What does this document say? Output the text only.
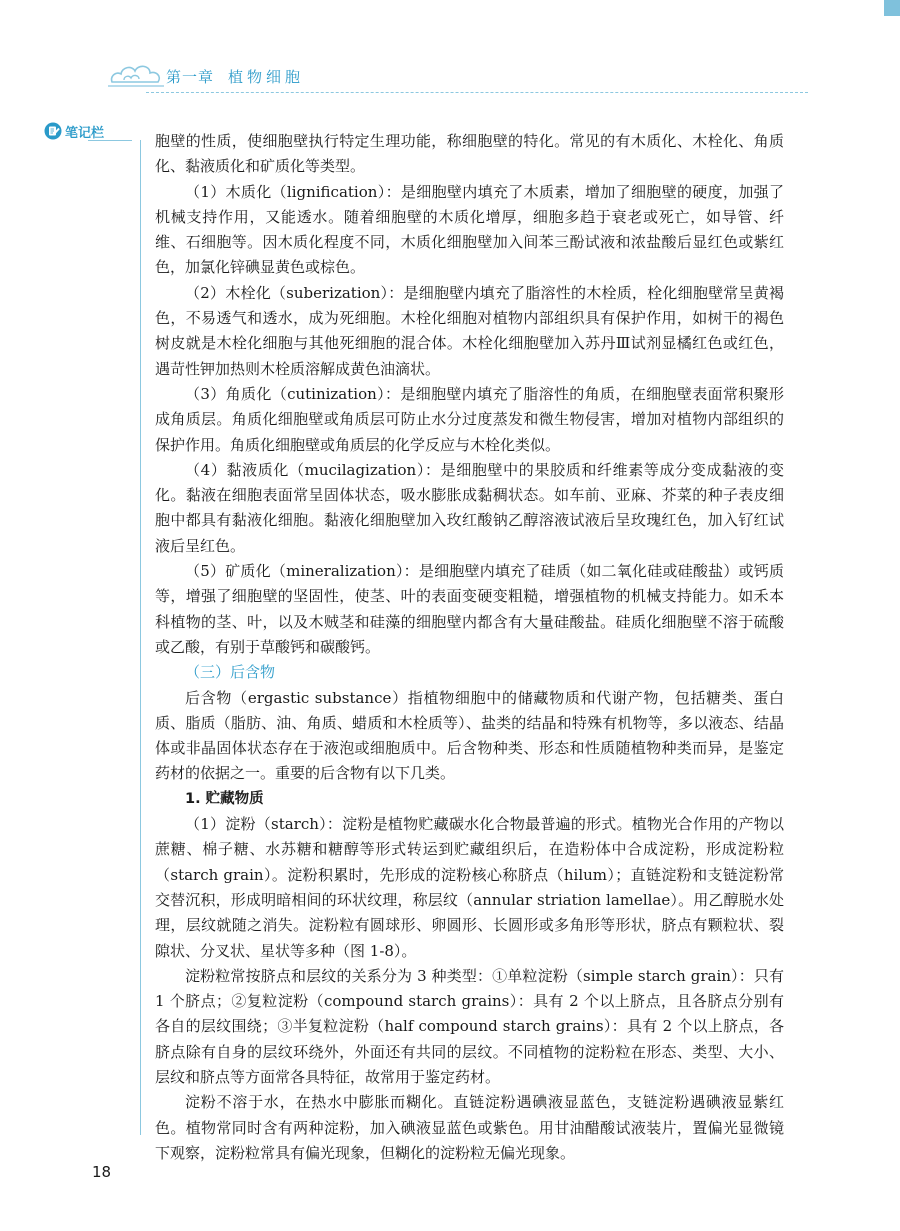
第一章 植物细胞
笔记栏	胞壁的性质，使细胞壁执行特定生理功能，称细胞壁的特化。常见的有木质化、木栓化、角质化、黏液质化和矿质化等类型。

（1）木质化（lignification）：是细胞壁内填充了木质素，增加了细胞壁的硬度，加强了机械支持作用，又能透水。随着细胞壁的木质化增厚，细胞多趋于衰老或死亡，如导管、纤维、石细胞等。因木质化程度不同，木质化细胞壁加入间苯三酚试液和浓盐酸后显红色或紫红色，加氯化锌碘显黄色或棕色。

（2）木栓化（suberization）：是细胞壁内填充了脂溶性的木栓质，栓化细胞壁常呈黄褐色，不易透气和透水，成为死细胞。木栓化细胞对植物内部组织具有保护作用，如树干的褐色树皮就是木栓化细胞与其他死细胞的混合体。木栓化细胞壁加入苏丹Ⅲ试剂显橘红色或红色，遇苛性钾加热则木栓质溶解成黄色油滴状。

（3）角质化（cutinization）：是细胞壁内填充了脂溶性的角质，在细胞壁表面常积聚形成角质层。角质化细胞壁或角质层可防止水分过度蒸发和微生物侵害，增加对植物内部组织的保护作用。角质化细胞壁或角质层的化学反应与木栓化类似。

（4）黏液质化（mucilagization）：是细胞壁中的果胶质和纤维素等成分变成黏液的变化。黏液在细胞表面常呈固体状态，吸水膨胀成黏稠状态。如车前、亚麻、芥菜的种子表皮细胞中都具有黏液化细胞。黏液化细胞壁加入玫红酸钠乙醇溶液试液后呈玫瑰红色，加入钌红试液后呈红色。

（5）矿质化（mineralization）：是细胞壁内填充了硅质（如二氧化硅或硅酸盐）或钙质等，增强了细胞壁的坚固性，使茎、叶的表面变硬变粗糙，增强植物的机械支持能力。如禾本科植物的茎、叶，以及木贼茎和硅藻的细胞壁内都含有大量硅酸盐。硅质化细胞壁不溶于硫酸或乙酸，有别于草酸钙和碳酸钙。

（三）后含物

后含物（ergastic substance）指植物细胞中的储藏物质和代谢产物，包括糖类、蛋白质、脂质（脂肪、油、角质、蜡质和木栓质等）、盐类的结晶和特殊有机物等，多以液态、结晶体或非晶固体状态存在于液泡或细胞质中。后含物种类、形态和性质随植物种类而异，是鉴定药材的依据之一。重要的后含物有以下几类。

1. 贮藏物质

（1）淀粉（starch）：淀粉是植物贮藏碳水化合物最普遍的形式。植物光合作用的产物以蔗糖、棉子糖、水苏糖和糖醇等形式转运到贮藏组织后，在造粉体中合成淀粉，形成淀粉粒（starch grain）。淀粉积累时，先形成的淀粉核心称脐点（hilum）；直链淀粉和支链淀粉常交替沉积，形成明暗相间的环状纹理，称层纹（annular striation lamellae）。用乙醇脱水处理，层纹就随之消失。淀粉粒有圆球形、卵圆形、长圆形或多角形等形状，脐点有颗粒状、裂隙状、分叉状、星状等多种（图 1-8）。

淀粉粒常按脐点和层纹的关系分为 3 种类型：①单粒淀粉（simple starch grain）：只有 1 个脐点；②复粒淀粉（compound starch grains）：具有 2 个以上脐点，且各脐点分别有各自的层纹围绕；③半复粒淀粉（half compound starch grains）：具有 2 个以上脐点，各脐点除有自身的层纹环绕外，外面还有共同的层纹。不同植物的淀粉粒在形态、类型、大小、层纹和脐点等方面常各具特征，故常用于鉴定药材。

淀粉不溶于水，在热水中膨胀而糊化。直链淀粉遇碘液显蓝色，支链淀粉遇碘液显紫红色。植物常同时含有两种淀粉，加入碘液显蓝色或紫色。用甘油醋酸试液装片，置偏光显微镜下观察，淀粉粒常具有偏光现象，但糊化的淀粉粒无偏光现象。

18
